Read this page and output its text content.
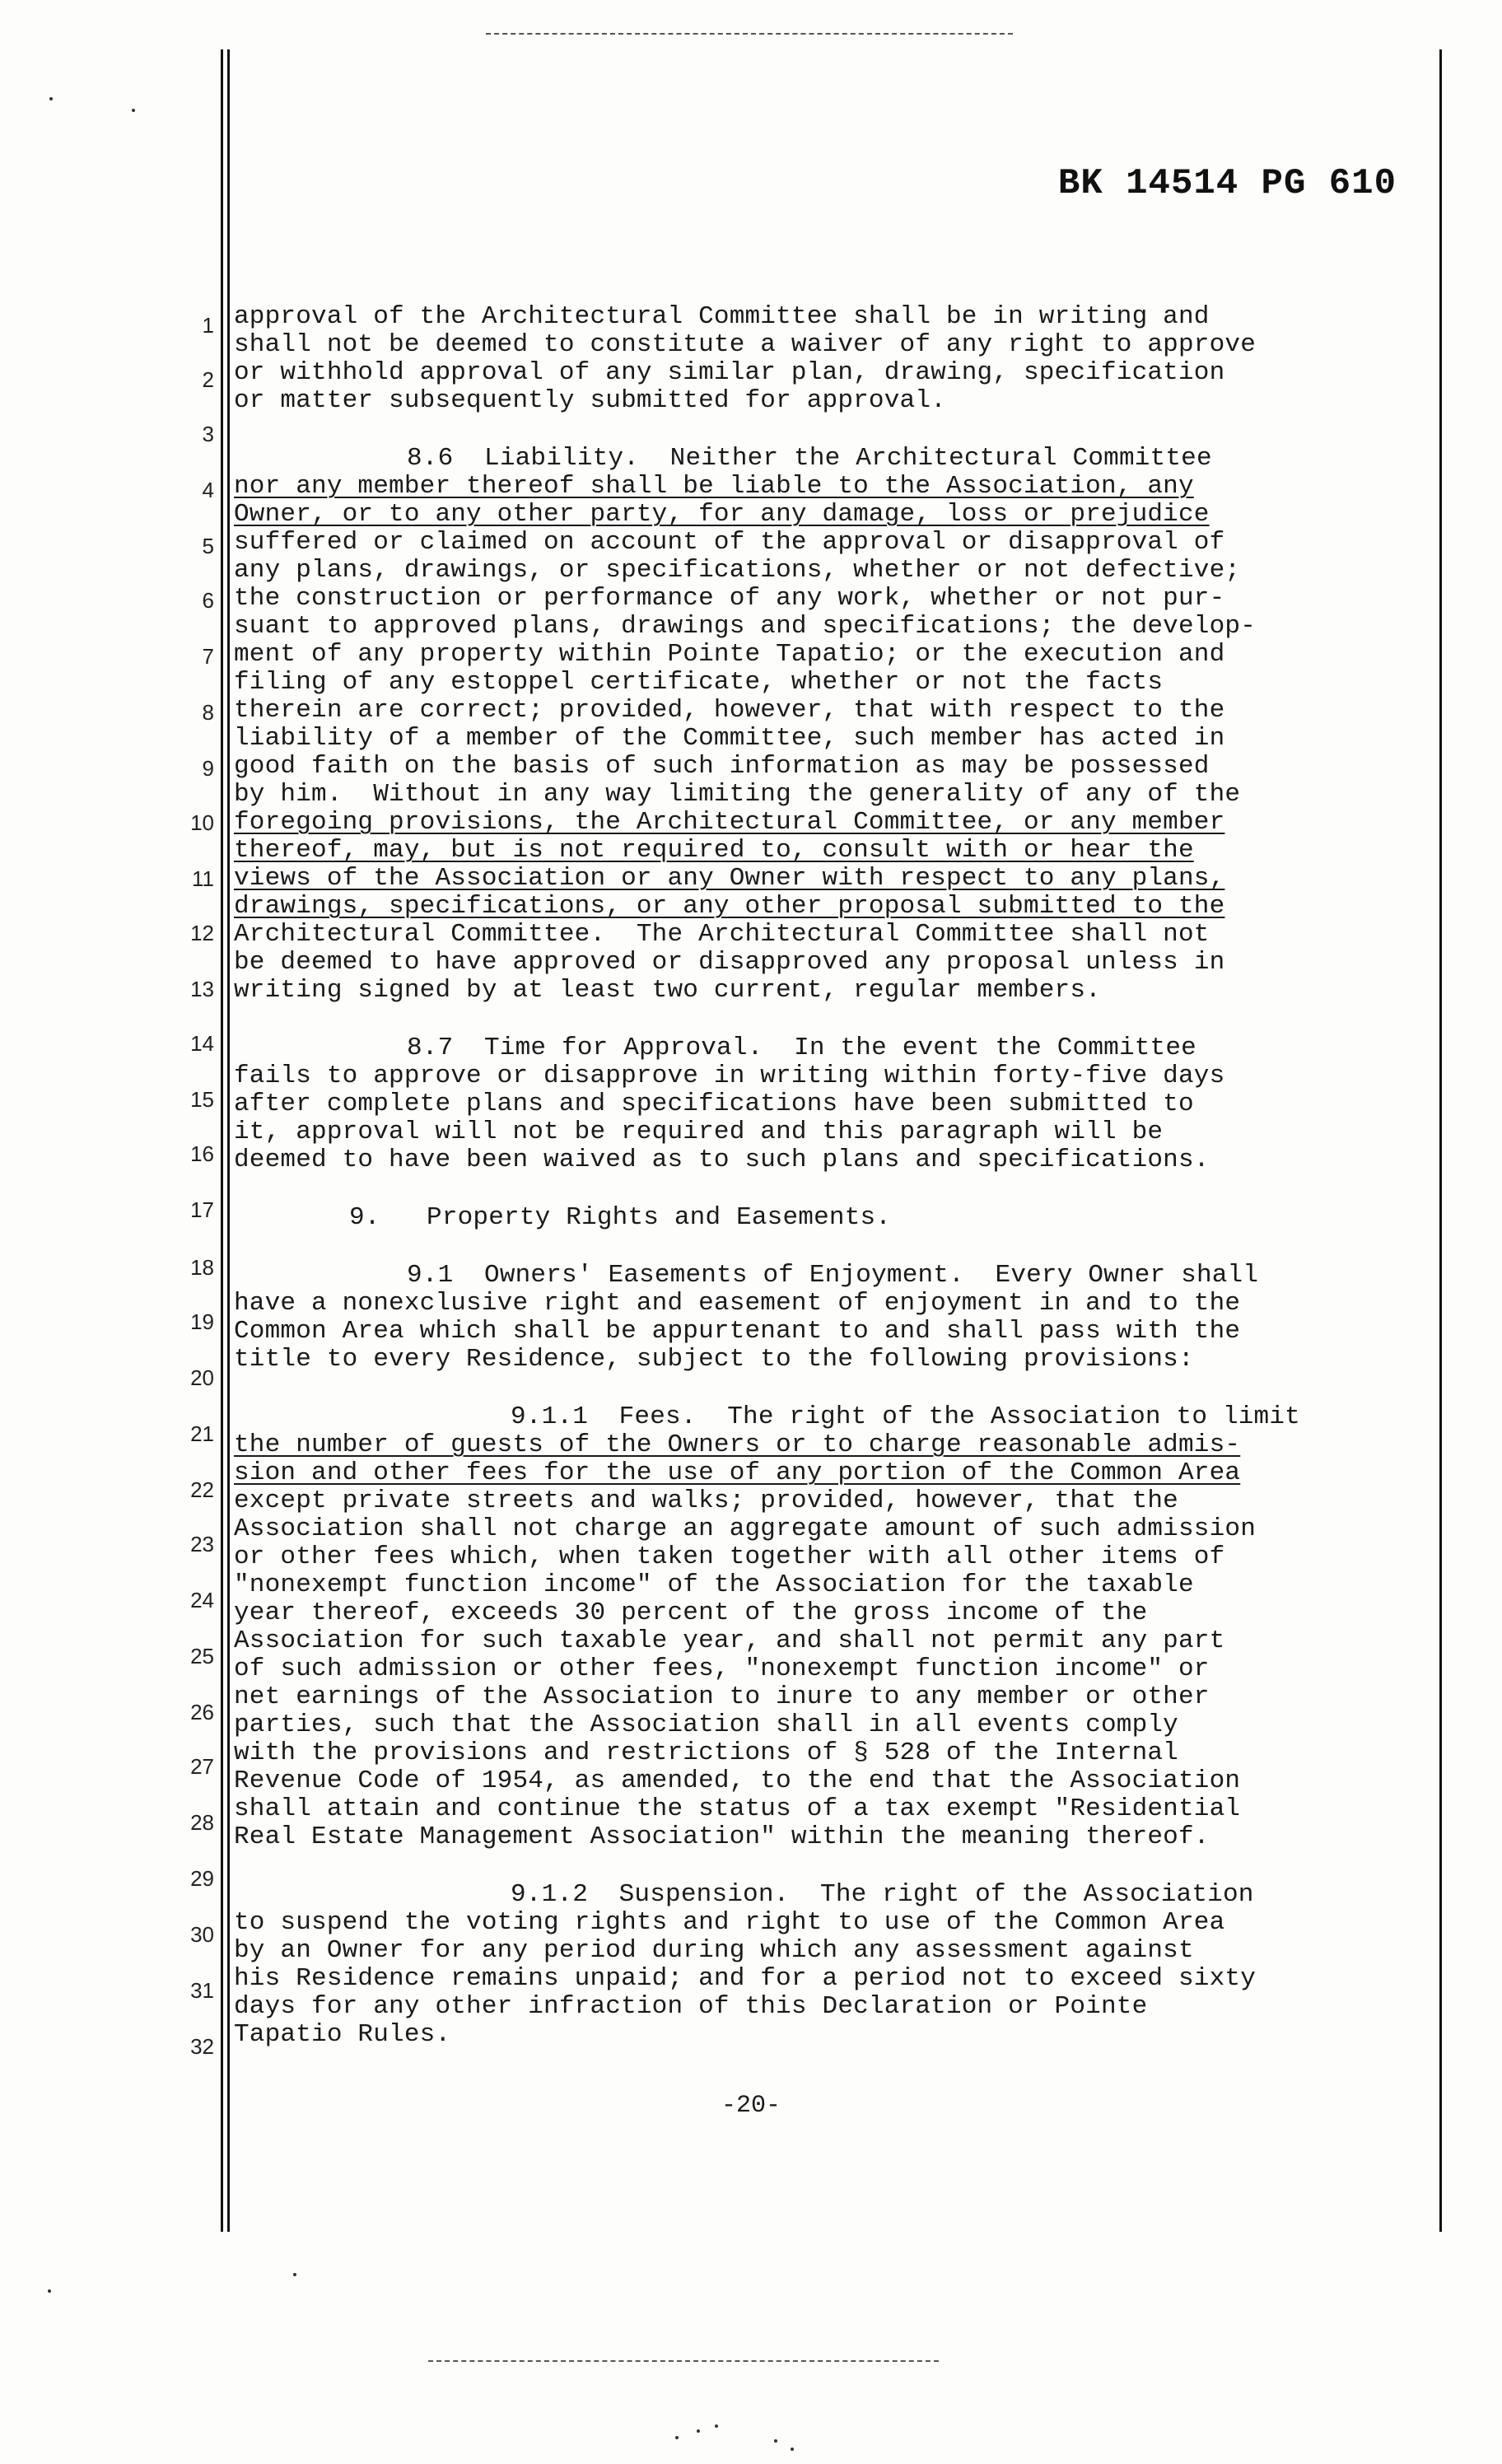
BK 14514 PG 610
1
2
3
4
5
6
7
8
9
10
11
12
13
14
15
16
17
18
19
20
21
22
23
24
25
26
27
28
29
30
31
32
approval of the Architectural Committee shall be in writing and
shall not be deemed to constitute a waiver of any right to approve
or withhold approval of any similar plan, drawing, specification
or matter subsequently submitted for approval.
8.6  Liability.  Neither the Architectural Committee
nor any member thereof shall be liable to the Association, any
Owner, or to any other party, for any damage, loss or prejudice
suffered or claimed on account of the approval or disapproval of
any plans, drawings, or specifications, whether or not defective;
the construction or performance of any work, whether or not pur-
suant to approved plans, drawings and specifications; the develop-
ment of any property within Pointe Tapatio; or the execution and
filing of any estoppel certificate, whether or not the facts
therein are correct; provided, however, that with respect to the
liability of a member of the Committee, such member has acted in
good faith on the basis of such information as may be possessed
by him.  Without in any way limiting the generality of any of the
foregoing provisions, the Architectural Committee, or any member
thereof, may, but is not required to, consult with or hear the
views of the Association or any Owner with respect to any plans,
drawings, specifications, or any other proposal submitted to the
Architectural Committee.  The Architectural Committee shall not
be deemed to have approved or disapproved any proposal unless in
writing signed by at least two current, regular members.
8.7  Time for Approval.  In the event the Committee
fails to approve or disapprove in writing within forty-five days
after complete plans and specifications have been submitted to
it, approval will not be required and this paragraph will be
deemed to have been waived as to such plans and specifications.
9.   Property Rights and Easements.
9.1  Owners' Easements of Enjoyment.  Every Owner shall
have a nonexclusive right and easement of enjoyment in and to the
Common Area which shall be appurtenant to and shall pass with the
title to every Residence, subject to the following provisions:
9.1.1  Fees.  The right of the Association to limit
the number of guests of the Owners or to charge reasonable admis-
sion and other fees for the use of any portion of the Common Area
except private streets and walks; provided, however, that the
Association shall not charge an aggregate amount of such admission
or other fees which, when taken together with all other items of
"nonexempt function income" of the Association for the taxable
year thereof, exceeds 30 percent of the gross income of the
Association for such taxable year, and shall not permit any part
of such admission or other fees, "nonexempt function income" or
net earnings of the Association to inure to any member or other
parties, such that the Association shall in all events comply
with the provisions and restrictions of § 528 of the Internal
Revenue Code of 1954, as amended, to the end that the Association
shall attain and continue the status of a tax exempt "Residential
Real Estate Management Association" within the meaning thereof.
9.1.2  Suspension.  The right of the Association
to suspend the voting rights and right to use of the Common Area
by an Owner for any period during which any assessment against
his Residence remains unpaid; and for a period not to exceed sixty
days for any other infraction of this Declaration or Pointe
Tapatio Rules.
-20-
